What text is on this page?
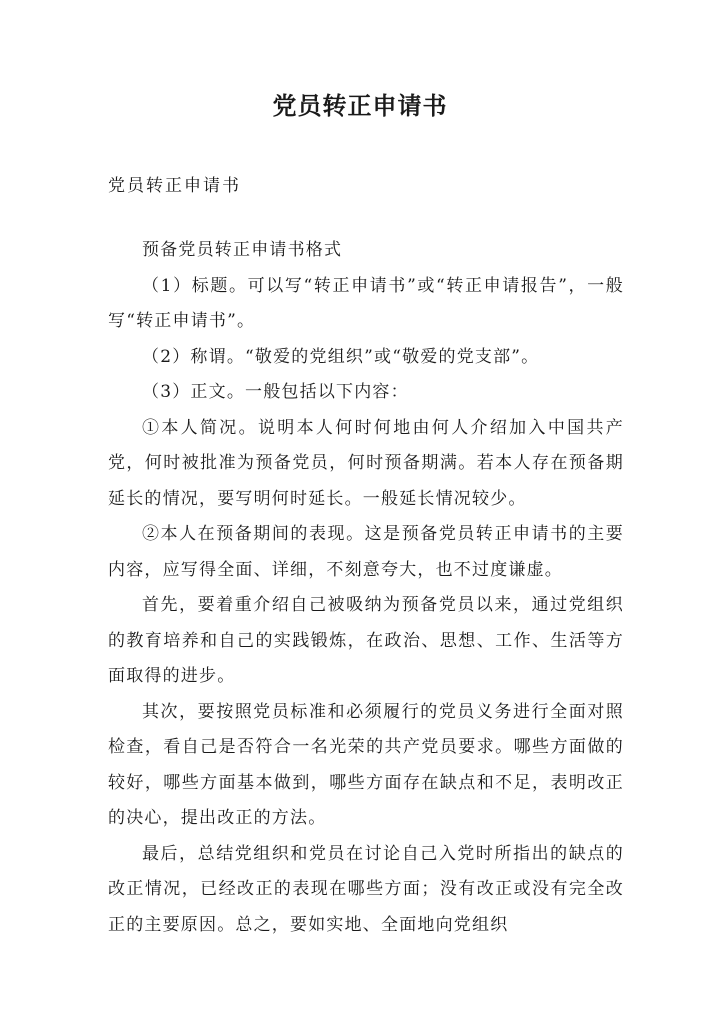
党员转正申请书
党员转正申请书

预备党员转正申请书格式

（1）标题。可以写“转正申请书”或“转正申请报告”，一般写“转正申请书”。

（2）称谓。“敬爱的党组织”或“敬爱的党支部”。

（3）正文。一般包括以下内容：

①本人简况。说明本人何时何地由何人介绍加入中国共产党，何时被批准为预备党员，何时预备期满。若本人存在预备期延长的情况，要写明何时延长。一般延长情况较少。

②本人在预备期间的表现。这是预备党员转正申请书的主要内容，应写得全面、详细，不刻意夸大，也不过度谦虚。

首先，要着重介绍自己被吸纳为预备党员以来，通过党组织的教育培养和自己的实践锻炼，在政治、思想、工作、生活等方面取得的进步。

其次，要按照党员标准和必须履行的党员义务进行全面对照检查，看自己是否符合一名光荣的共产党员要求。哪些方面做的较好，哪些方面基本做到，哪些方面存在缺点和不足，表明改正的决心，提出改正的方法。

最后，总结党组织和党员在讨论自己入党时所指出的缺点的改正情况，已经改正的表现在哪些方面；没有改正或没有完全改正的主要原因。总之，要如实地、全面地向党组织
